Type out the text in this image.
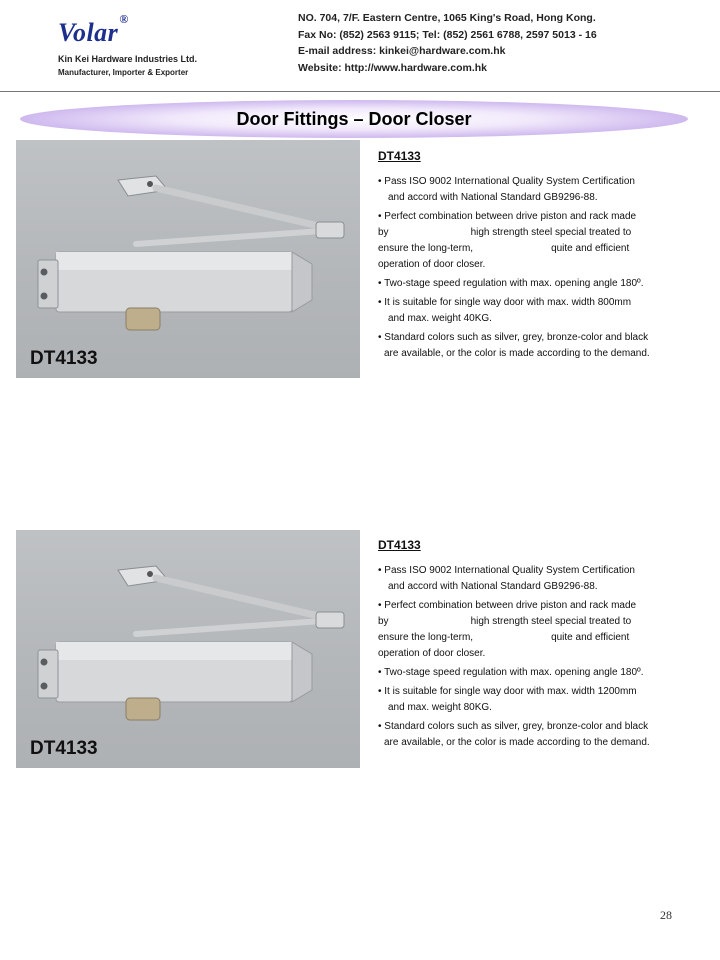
Volar®
Kin Kei Hardware Industries Ltd.
Manufacturer, Importer & Exporter
NO. 704, 7/F. Eastern Centre, 1065 King's Road, Hong Kong.
Fax No: (852) 2563 9115; Tel: (852) 2561 6788, 2597 5013 - 16
E-mail address: kinkei@hardware.com.hk
Website: http://www.hardware.com.hk
Door Fittings – Door Closer
DT4133
DT4133
• Pass ISO 9002 International Quality System Certification
and accord with National Standard GB9296-88.
• Perfect combination between drive piston and rack made
by	high strength steel special treated to
ensure the long-term,	quite and efficient
operation of door closer.
• Two-stage speed regulation with max. opening angle 180º.
• It is suitable for single way door with max. width 800mm
and max. weight 40KG.
• Standard colors such as silver, grey, bronze-color and black
are available, or the color is made according to the demand.
DT4133
DT4133
• Pass ISO 9002 International Quality System Certification
and accord with National Standard GB9296-88.
• Perfect combination between drive piston and rack made
by	high strength steel special treated to
ensure the long-term,	quite and efficient
operation of door closer.
• Two-stage speed regulation with max. opening angle 180º.
• It is suitable for single way door with max. width 1200mm
and max. weight 80KG.
• Standard colors such as silver, grey, bronze-color and black
are available, or the color is made according to the demand.
28
